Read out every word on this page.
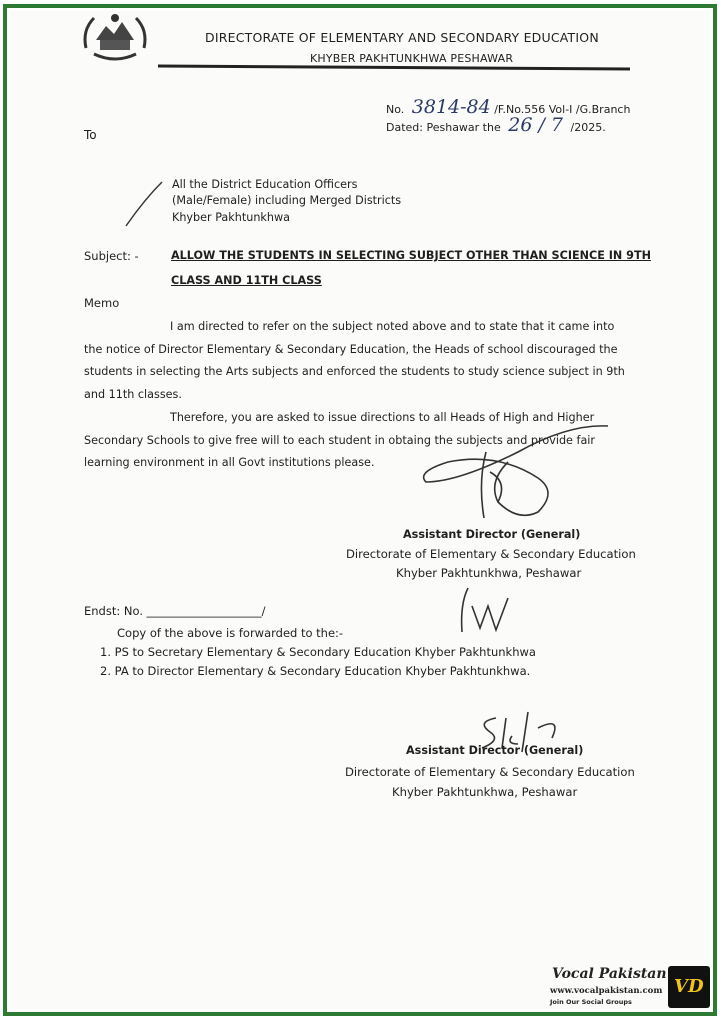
DIRECTORATE OF ELEMENTARY AND SECONDARY EDUCATION
KHYBER PAKHTUNKHWA PESHAWAR
No. 3814-84 /F.No.556 Vol-I /G.Branch
Dated: Peshawar the 26 / 7 /2025.
To
All the District Education Officers
(Male/Female) including Merged Districts
Khyber Pakhtunkhwa
Subject: -	ALLOW THE STUDENTS IN SELECTING SUBJECT OTHER THAN SCIENCE IN 9TH
CLASS AND 11TH CLASS
Memo
I am directed to refer on the subject noted above and to state that it came into
the notice of Director Elementary & Secondary Education, the Heads of school discouraged the
students in selecting the Arts subjects and enforced the students to study science subject in 9th
and 11th classes.
Therefore, you are asked to issue directions to all Heads of High and Higher
Secondary Schools to give free will to each student in obtaing the subjects and provide fair
learning environment in all Govt institutions please.
Assistant Director (General)
Directorate of Elementary & Secondary Education
Khyber Pakhtunkhwa, Peshawar
Endst: No. ____________________/
Copy of the above is forwarded to the:-
1. PS to Secretary Elementary & Secondary Education Khyber Pakhtunkhwa
2. PA to Director Elementary & Secondary Education Khyber Pakhtunkhwa.
Assistant Director (General)
Directorate of Elementary & Secondary Education
Khyber Pakhtunkhwa, Peshawar
Vocal Pakistan
www.vocalpakistan.com
Join Our Social Groups
VD
